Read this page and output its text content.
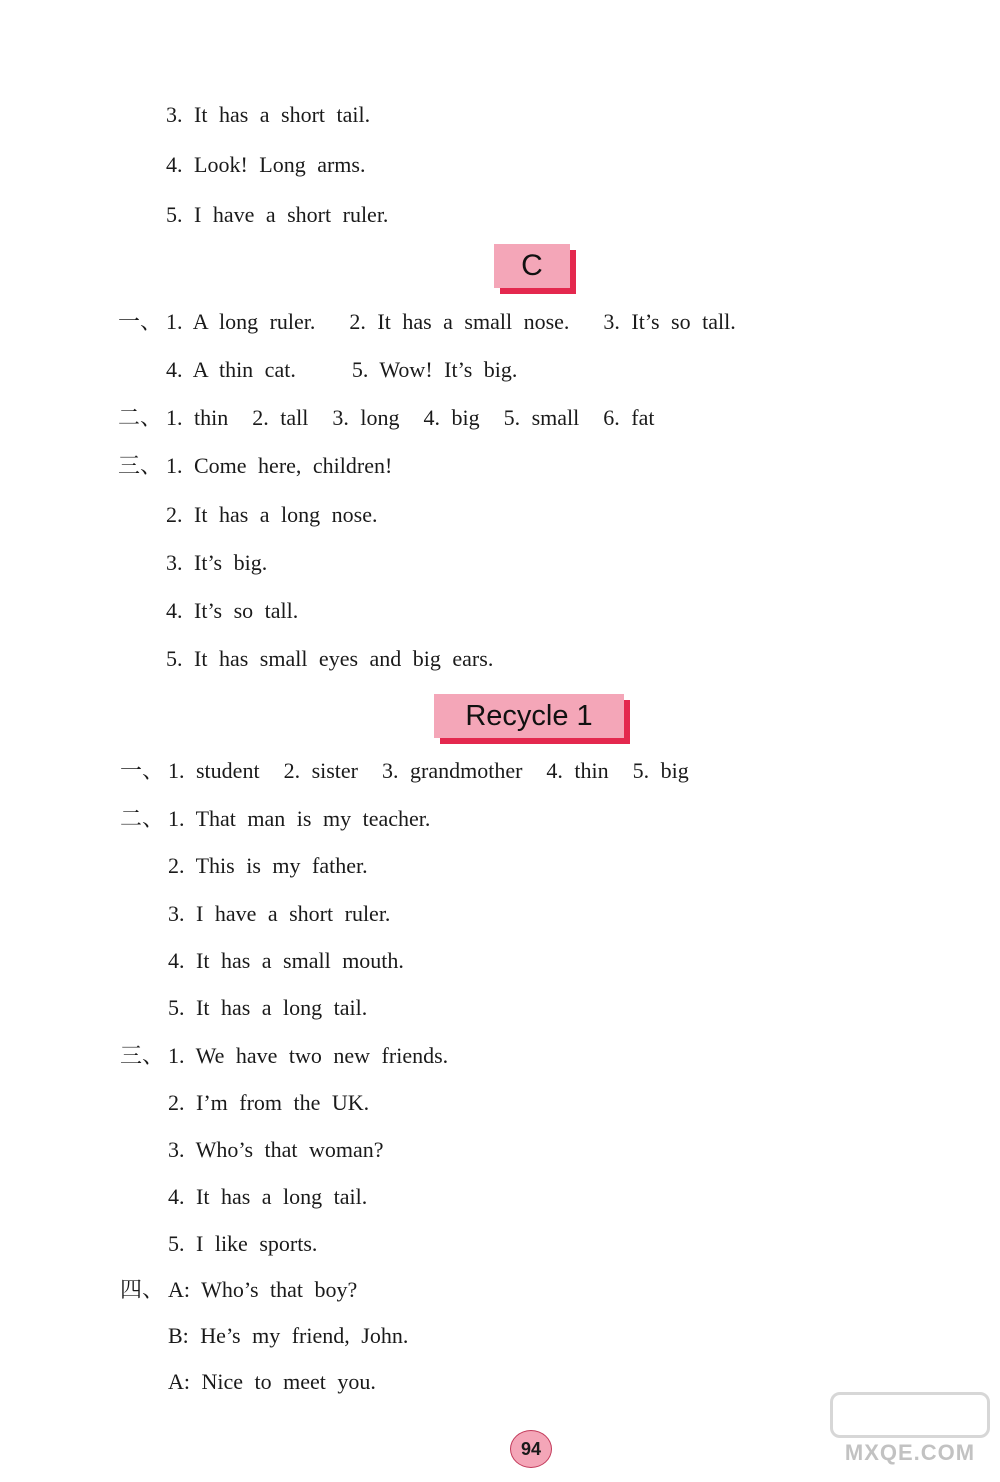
3. It has a short tail.
4. Look! Long arms.
5. I have a short ruler.
C
一、 1. A long ruler. 2. It has a small nose. 3. It’s so tall.
4. A thin cat.	5. Wow! It’s big.
二、 1. thin 2. tall 3. long 4. big 5. small 6. fat
三、 1. Come here, children!
2. It has a long nose.
3. It’s big.
4. It’s so tall.
5. It has small eyes and big ears.
Recycle 1
一、 1. student 2. sister 3. grandmother 4. thin 5. big
二、 1. That man is my teacher.
2. This is my father.
3. I have a short ruler.
4. It has a small mouth.
5. It has a long tail.
三、 1. We have two new friends.
2. I’m from the UK.
3. Who’s that woman?
4. It has a long tail.
5. I like sports.
四、 A: Who’s that boy?
B: He’s my friend, John.
A: Nice to meet you.
94	MXQE.COM
